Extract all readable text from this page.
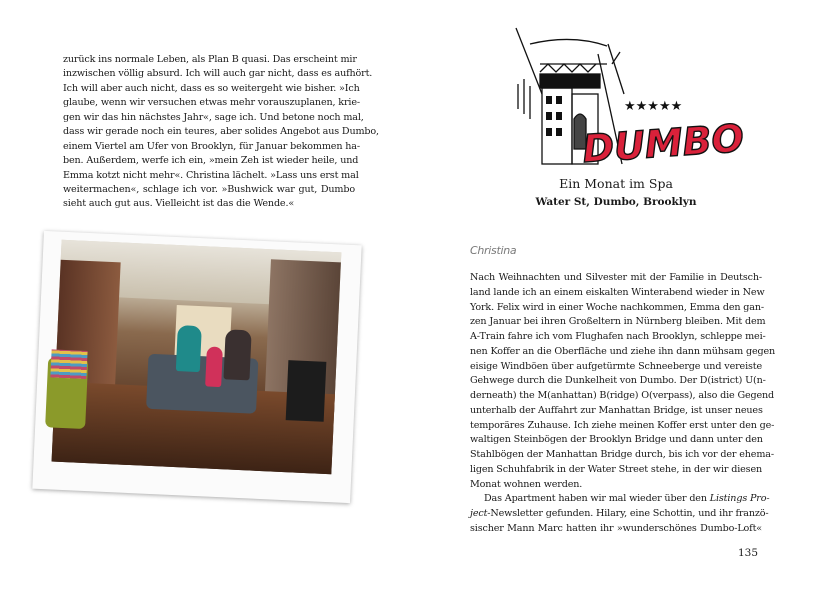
zurück ins normale Leben, als Plan B quasi. Das erscheint mir
inzwischen völlig absurd. Ich will auch gar nicht, dass es aufhört.
Ich will aber auch nicht, dass es so weitergeht wie bisher. »Ich
glaube, wenn wir versuchen etwas mehr vorauszuplanen, krie-
gen wir das hin nächstes Jahr«, sage ich. Und betone noch mal,
dass wir gerade noch ein teures, aber solides Angebot aus Dumbo,
einem Viertel am Ufer von Brooklyn, für Januar bekommen ha-
ben. Außerdem, werfe ich ein, »mein Zeh ist wieder heile, und
Emma kotzt nicht mehr«. Christina lächelt. »Lass uns erst mal
weitermachen«, schlage ich vor. »Bushwick war gut, Dumbo
sieht auch gut aus. Vielleicht ist das die Wende.«
★★★★★
DUMBO
Ein Monat im Spa
Water St, Dumbo, Brooklyn
Christina
Nach Weihnachten und Silvester mit der Familie in Deutsch-
land lande ich an einem eiskalten Winterabend wieder in New
York. Felix wird in einer Woche nachkommen, Emma den gan-
zen Januar bei ihren Großeltern in Nürnberg bleiben. Mit dem
A-Train fahre ich vom Flughafen nach Brooklyn, schleppe mei-
nen Koffer an die Oberfläche und ziehe ihn dann mühsam gegen
eisige Windböen über aufgetürmte Schneeberge und vereiste
Gehwege durch die Dunkelheit von Dumbo. Der D(istrict) U(n-
derneath) the M(anhattan) B(ridge) O(verpass), also die Gegend
unterhalb der Auffahrt zur Manhattan Bridge, ist unser neues
temporäres Zuhause. Ich ziehe meinen Koffer erst unter den ge-
waltigen Steinbögen der Brooklyn Bridge und dann unter den
Stahlbögen der Manhattan Bridge durch, bis ich vor der ehema-
ligen Schuhfabrik in der Water Street stehe, in der wir diesen
Monat wohnen werden.
Das Apartment haben wir mal wieder über den Listings Pro-
ject-Newsletter gefunden. Hilary, eine Schottin, und ihr franzö-
sischer Mann Marc hatten ihr »wunderschönes Dumbo-Loft«
135
